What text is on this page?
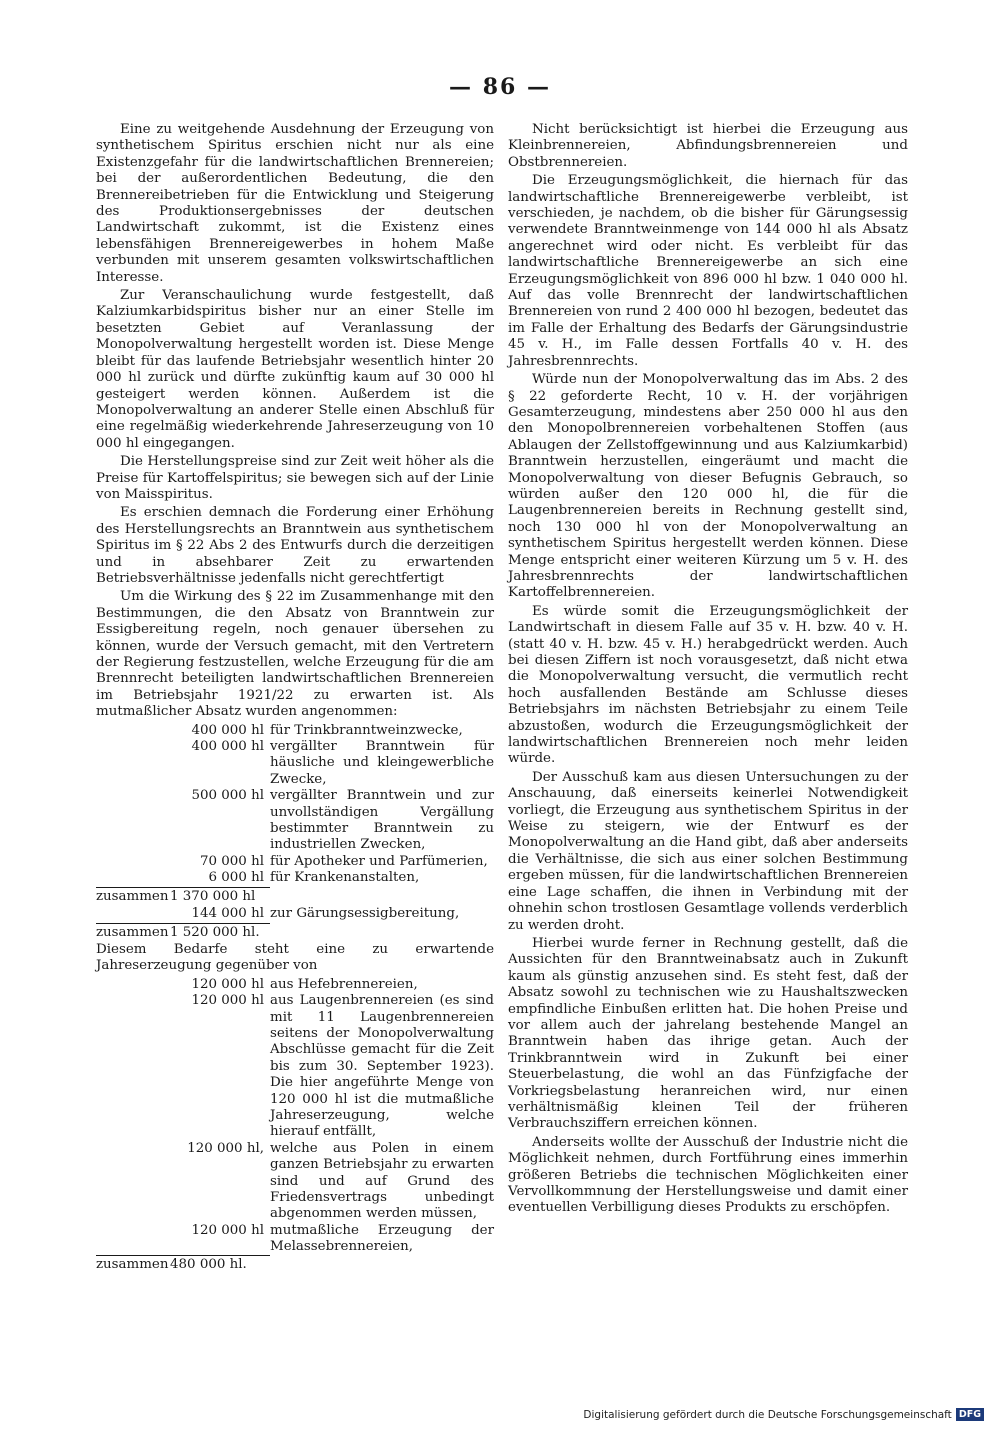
— 86 —

Eine zu weitgehende Ausdehnung der Erzeugung von synthetischem Spiritus erschien nicht nur als eine Existenzgefahr für die landwirtschaftlichen Brennereien; bei der außerordentlichen Bedeutung, die den Brennereibetrieben für die Entwicklung und Steigerung des Produktionsergebnisses der deutschen Landwirtschaft zukommt, ist die Existenz eines lebensfähigen Brennereigewerbes in hohem Maße verbunden mit unserem gesamten volkswirtschaftlichen Interesse.

Zur Veranschaulichung wurde festgestellt, daß Kalziumkarbidspiritus bisher nur an einer Stelle im besetzten Gebiet auf Veranlassung der Monopolverwaltung hergestellt worden ist. Diese Menge bleibt für das laufende Betriebsjahr wesentlich hinter 20 000 hl zurück und dürfte zukünftig kaum auf 30 000 hl gesteigert werden können. Außerdem ist die Monopolverwaltung an anderer Stelle einen Abschluß für eine regelmäßig wiederkehrende Jahreserzeugung von 10 000 hl eingegangen.

Die Herstellungspreise sind zur Zeit weit höher als die Preise für Kartoffelspiritus; sie bewegen sich auf der Linie von Maisspiritus.

Es erschien demnach die Forderung einer Erhöhung des Herstellungsrechts an Branntwein aus synthetischem Spiritus im § 22 Abs 2 des Entwurfs durch die derzeitigen und in absehbarer Zeit zu erwartenden Betriebsverhältnisse jedenfalls nicht gerechtfertigt

Um die Wirkung des § 22 im Zusammenhange mit den Bestimmungen, die den Absatz von Branntwein zur Essigbereitung regeln, noch genauer übersehen zu können, wurde der Versuch gemacht, mit den Vertretern der Regierung festzustellen, welche Erzeugung für die am Brennrecht beteiligten landwirtschaftlichen Brennereien im Betriebsjahr 1921/22 zu erwarten ist. Als mutmaßlicher Absatz wurden angenommen:

400 000 hl für Trinkbranntweinzwecke,
400 000 hl vergällter Branntwein für häusliche und kleingewerbliche Zwecke,
500 000 hl vergällter Branntwein und zur unvollständigen Vergällung bestimmter Branntwein zu industriellen Zwecken,
70 000 hl für Apotheker und Parfümerien,
6 000 hl für Krankenanstalten,
zusammen 1 370 000 hl
144 000 hl zur Gärungsessigbereitung,
zusammen 1 520 000 hl.

Diesem Bedarfe steht eine zu erwartende Jahreserzeugung gegenüber von

120 000 hl aus Hefebrennereien,
120 000 hl aus Laugenbrennereien (es sind mit 11 Laugenbrennereien seitens der Monopolverwaltung Abschlüsse gemacht für die Zeit bis zum 30. September 1923). Die hier angeführte Menge von 120 000 hl ist die mutmaßliche Jahreserzeugung, welche hierauf entfällt,
120 000 hl, welche aus Polen in einem ganzen Betriebsjahr zu erwarten sind und auf Grund des Friedensvertrags unbedingt abgenommen werden müssen,
120 000 hl mutmaßliche Erzeugung der Melassebrennereien,
zusammen 480 000 hl.

Nicht berücksichtigt ist hierbei die Erzeugung aus Kleinbrennereien, Abfindungsbrennereien und Obstbrennereien.

Die Erzeugungsmöglichkeit, die hiernach für das landwirtschaftliche Brennereigewerbe verbleibt, ist verschieden, je nachdem, ob die bisher für Gärungsessig verwendete Branntweinmenge von 144 000 hl als Absatz angerechnet wird oder nicht. Es verbleibt für das landwirtschaftliche Brennereigewerbe an sich eine Erzeugungsmöglichkeit von 896 000 hl bzw. 1 040 000 hl. Auf das volle Brennrecht der landwirtschaftlichen Brennereien von rund 2 400 000 hl bezogen, bedeutet das im Falle der Erhaltung des Bedarfs der Gärungsindustrie 45 v. H., im Falle dessen Fortfalls 40 v. H. des Jahresbrennrechts.

Würde nun der Monopolverwaltung das im Abs. 2 des § 22 geforderte Recht, 10 v. H. der vorjährigen Gesamterzeugung, mindestens aber 250 000 hl aus den den Monopolbrennereien vorbehaltenen Stoffen (aus Ablaugen der Zellstoffgewinnung und aus Kalziumkarbid) Branntwein herzustellen, eingeräumt und macht die Monopolverwaltung von dieser Befugnis Gebrauch, so würden außer den 120 000 hl, die für die Laugenbrennereien bereits in Rechnung gestellt sind, noch 130 000 hl von der Monopolverwaltung an synthetischem Spiritus hergestellt werden können. Diese Menge entspricht einer weiteren Kürzung um 5 v. H. des Jahresbrennrechts der landwirtschaftlichen Kartoffelbrennereien.

Es würde somit die Erzeugungsmöglichkeit der Landwirtschaft in diesem Falle auf 35 v. H. bzw. 40 v. H. (statt 40 v. H. bzw. 45 v. H.) herabgedrückt werden. Auch bei diesen Ziffern ist noch vorausgesetzt, daß nicht etwa die Monopolverwaltung versucht, die vermutlich recht hoch ausfallenden Bestände am Schlusse dieses Betriebsjahrs im nächsten Betriebsjahr zu einem Teile abzustoßen, wodurch die Erzeugungsmöglichkeit der landwirtschaftlichen Brennereien noch mehr leiden würde.

Der Ausschuß kam aus diesen Untersuchungen zu der Anschauung, daß einerseits keinerlei Notwendigkeit vorliegt, die Erzeugung aus synthetischem Spiritus in der Weise zu steigern, wie der Entwurf es der Monopolverwaltung an die Hand gibt, daß aber anderseits die Verhältnisse, die sich aus einer solchen Bestimmung ergeben müssen, für die landwirtschaftlichen Brennereien eine Lage schaffen, die ihnen in Verbindung mit der ohnehin schon trostlosen Gesamtlage vollends verderblich zu werden droht.

Hierbei wurde ferner in Rechnung gestellt, daß die Aussichten für den Branntweinabsatz auch in Zukunft kaum als günstig anzusehen sind. Es steht fest, daß der Absatz sowohl zu technischen wie zu Haushaltszwecken empfindliche Einbußen erlitten hat. Die hohen Preise und vor allem auch der jahrelang bestehende Mangel an Branntwein haben das ihrige getan. Auch der Trinkbranntwein wird in Zukunft bei einer Steuerbelastung, die wohl an das Fünfzigfache der Vorkriegsbelastung heranreichen wird, nur einen verhältnismäßig kleinen Teil der früheren Verbrauchsziffern erreichen können.

Anderseits wollte der Ausschuß der Industrie nicht die Möglichkeit nehmen, durch Fortführung eines immerhin größeren Betriebs die technischen Möglichkeiten einer Vervollkommnung der Herstellungsweise und damit einer eventuellen Verbilligung dieses Produkts zu erschöpfen.

Digitalisierung gefördert durch die Deutsche Forschungsgemeinschaft DFG
